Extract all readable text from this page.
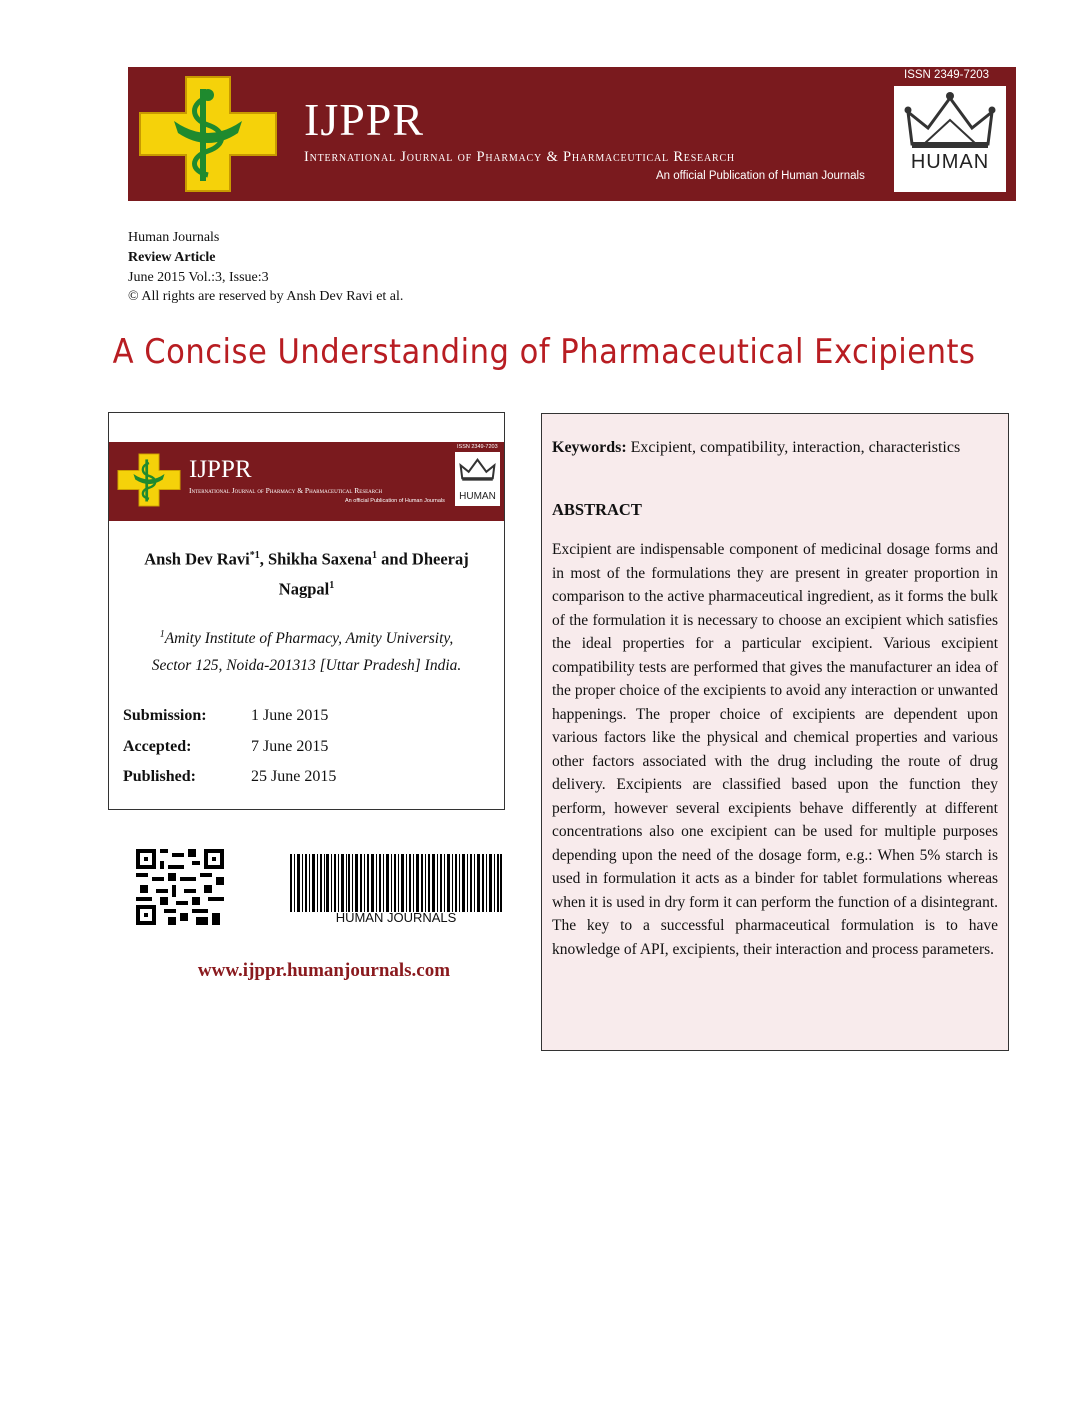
IJPPR
International Journal of Pharmacy & Pharmaceutical Research
An official Publication of Human Journals
ISSN 2349-7203
HUMAN
Human Journals
Review Article
June 2015 Vol.:3, Issue:3
© All rights are reserved by Ansh Dev Ravi et al.
A Concise Understanding of Pharmaceutical Excipients
IJPPR
International Journal of Pharmacy & Pharmaceutical Research
An official Publication of Human Journals
ISSN 2349-7203
HUMAN
Ansh Dev Ravi$^{*1}$, Shikha Saxena$^1$ and Dheeraj
Nagpal$^1$
$^1$Amity Institute of Pharmacy, Amity University,
Sector 125, Noida-201313 [Uttar Pradesh] India.
Submission:	1 June 2015
Accepted:	7 June 2015
Published:	25 June 2015
Keywords: Excipient, compatibility, interaction, characteristics
ABSTRACT
Excipient are indispensable component of medicinal dosage forms and in most of the formulations they are present in greater proportion in comparison to the active pharmaceutical ingredient, as it forms the bulk of the formulation it is necessary to choose an excipient which satisfies the ideal properties for a particular excipient. Various excipient compatibility tests are performed that gives the manufacturer an idea of the proper choice of the excipients to avoid any interaction or unwanted happenings. The proper choice of excipients are dependent upon various factors like the physical and chemical properties and various other factors associated with the drug including the route of drug delivery. Excipients are classified based upon the function they perform, however several excipients behave differently at different concentrations also one excipient can be used for multiple purposes depending upon the need of the dosage form, e.g.: When 5% starch is used in formulation it acts as a binder for tablet formulations whereas when it is used in dry form it can perform the function of a disintegrant. The key to a successful pharmaceutical formulation is to have knowledge of API, excipients, their interaction and process parameters.
HUMAN JOURNALS
www.ijppr.humanjournals.com
